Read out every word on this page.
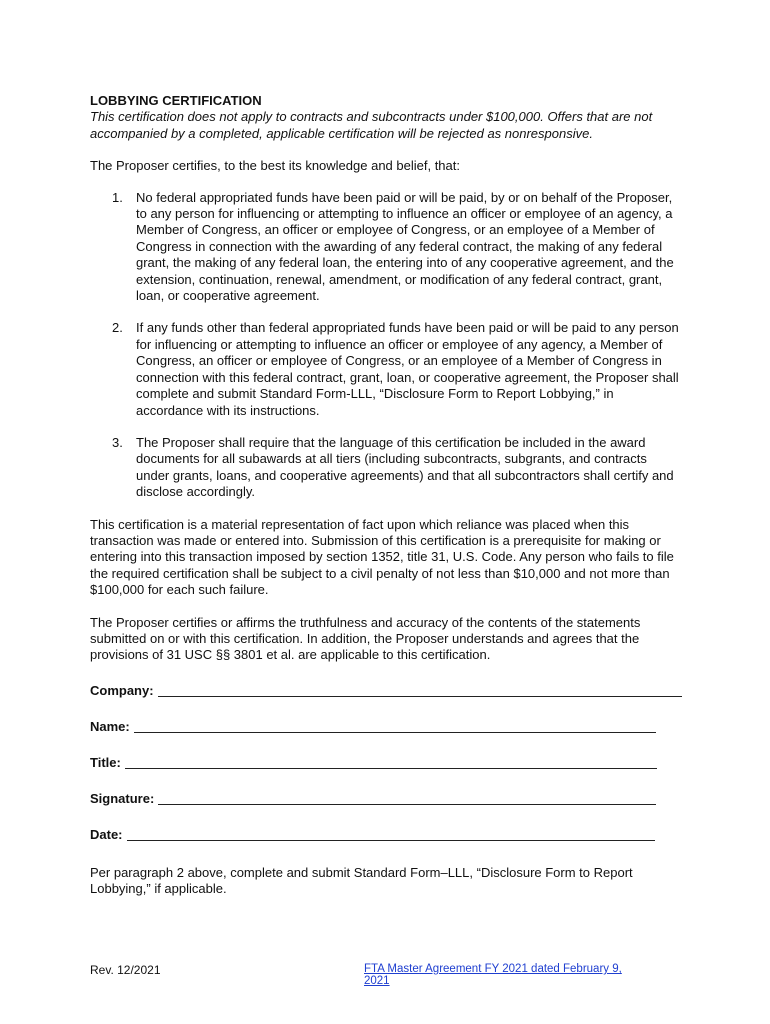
LOBBYING CERTIFICATION

This certification does not apply to contracts and subcontracts under $100,000. Offers that are not accompanied by a completed, applicable certification will be rejected as nonresponsive.

The Proposer certifies, to the best its knowledge and belief, that:

1. No federal appropriated funds have been paid or will be paid, by or on behalf of the Proposer, to any person for influencing or attempting to influence an officer or employee of an agency, a Member of Congress, an officer or employee of Congress, or an employee of a Member of Congress in connection with the awarding of any federal contract, the making of any federal grant, the making of any federal loan, the entering into of any cooperative agreement, and the extension, continuation, renewal, amendment, or modification of any federal contract, grant, loan, or cooperative agreement.
2. If any funds other than federal appropriated funds have been paid or will be paid to any person for influencing or attempting to influence an officer or employee of any agency, a Member of Congress, an officer or employee of Congress, or an employee of a Member of Congress in connection with this federal contract, grant, loan, or cooperative agreement, the Proposer shall complete and submit Standard Form-LLL, “Disclosure Form to Report Lobbying,” in accordance with its instructions.
3. The Proposer shall require that the language of this certification be included in the award documents for all subawards at all tiers (including subcontracts, subgrants, and contracts under grants, loans, and cooperative agreements) and that all subcontractors shall certify and disclose accordingly.

This certification is a material representation of fact upon which reliance was placed when this transaction was made or entered into. Submission of this certification is a prerequisite for making or entering into this transaction imposed by section 1352, title 31, U.S. Code. Any person who fails to file the required certification shall be subject to a civil penalty of not less than $10,000 and not more than $100,000 for each such failure.

The Proposer certifies or affirms the truthfulness and accuracy of the contents of the statements submitted on or with this certification. In addition, the Proposer understands and agrees that the provisions of 31 USC §§ 3801 et al. are applicable to this certification.

Company:
Name:
Title:
Signature:
Date:

Per paragraph 2 above, complete and submit Standard Form–LLL, “Disclosure Form to Report Lobbying,” if applicable.

Rev. 12/2021	FTA Master Agreement FY 2021 dated February 9, 2021
